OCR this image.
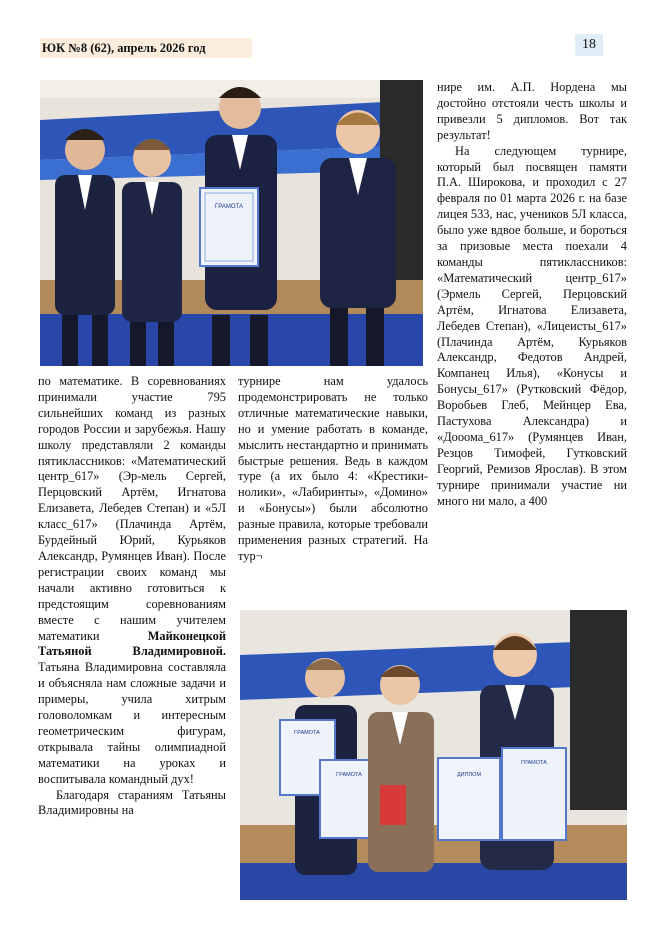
ЮК №8 (62), апрель 2026 год	18
ГРАМОТА

по математике. В соревнованиях принимали участие 795 сильнейших команд из разных городов России и зарубежья. Нашу школу представляли 2 команды пятиклассников: «Математический центр_617» (Эр-мель Сергей, Перцовский Артём, Игнатова Елизавета, Лебедев Степан) и «5Л класс_617» (Плачинда Артём, Бурдейный Юрий, Курьяков Александр, Румянцев Иван). После регистрации своих команд мы начали активно готовиться к предстоящим соревнованиям вместе с нашим учителем математики	Майконецкой Татьяной Владимировной. Татьяна Владимировна составляла и объясняла нам сложные задачи и примеры, учила хитрым головоломкам и интересным геометрическим фигурам, открывала тайны олимпиадной математики на уроках и воспитывала командный дух!

Благодаря стараниям Татьяны Владимировны на

турнире нам удалось продемонстрировать не только отличные математические навыки, но и умение работать в команде, мыслить нестандартно и принимать быстрые решения. Ведь в каждом туре (а их было 4: «Крестики-нолики», «Лабиринты», «Домино» и «Бонусы») были абсолютно разные правила, которые требовали применения разных стратегий. На тур¬

нире им. А.П. Нордена мы достойно отстояли честь школы и привезли 5 дипломов. Вот так результат!

На следующем турнире, который был посвящен памяти П.А. Широкова, и проходил с 27 февраля по 01 марта 2026 г. на базе лицея 533, нас, учеников 5Л класса, было уже вдвое больше, и бороться за призовые места поехали 4 команды пятиклассников: «Математический центр_617» (Эрмель Сергей, Перцовский Артём, Игнатова Елизавета, Лебедев Степан), «Лицеисты_617» (Плачинда Артём, Курьяков Александр, Федотов Андрей, Компанец Илья), «Конусы и Бонусы_617» (Рутковский Фёдор, Воробьев Глеб, Мейнцер Ева, Пастухова Александра) и «Дооома_617» (Румянцев Иван, Резцов Тимофей, Гутковский Георгий, Ремизов Ярослав). В этом турнире принимали участие ни много ни мало, а 400

ГРАМОТА
ГРАМОТА	ДИПЛОМ
ГРАМОТА
